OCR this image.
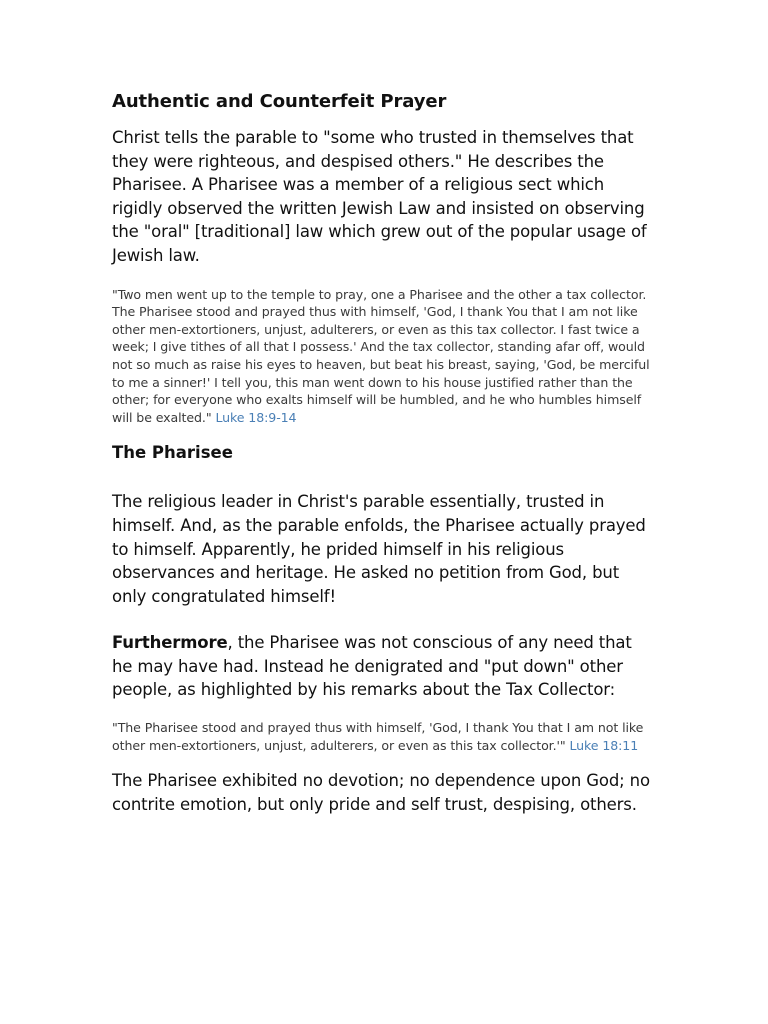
Authentic and Counterfeit Prayer

Christ tells the parable to "some who trusted in themselves that they were righteous, and despised others." He describes the Pharisee. A Pharisee was a member of a religious sect which rigidly observed the written Jewish Law and insisted on observing the "oral" [traditional] law which grew out of the popular usage of Jewish law.

"Two men went up to the temple to pray, one a Pharisee and the other a tax collector. The Pharisee stood and prayed thus with himself, 'God, I thank You that I am not like other men-extortioners, unjust, adulterers, or even as this tax collector. I fast twice a week; I give tithes of all that I possess.' And the tax collector, standing afar off, would not so much as raise his eyes to heaven, but beat his breast, saying, 'God, be merciful to me a sinner!' I tell you, this man went down to his house justified rather than the other; for everyone who exalts himself will be humbled, and he who humbles himself will be exalted." Luke 18:9-14

The Pharisee

The religious leader in Christ's parable essentially, trusted in himself. And, as the parable enfolds, the Pharisee actually prayed to himself. Apparently, he prided himself in his religious observances and heritage. He asked no petition from God, but only congratulated himself!

Furthermore, the Pharisee was not conscious of any need that he may have had. Instead he denigrated and "put down" other people, as highlighted by his remarks about the Tax Collector:

"The Pharisee stood and prayed thus with himself, 'God, I thank You that I am not like other men-extortioners, unjust, adulterers, or even as this tax collector.'" Luke 18:11

The Pharisee exhibited no devotion; no dependence upon God; no contrite emotion, but only pride and self trust, despising, others.
